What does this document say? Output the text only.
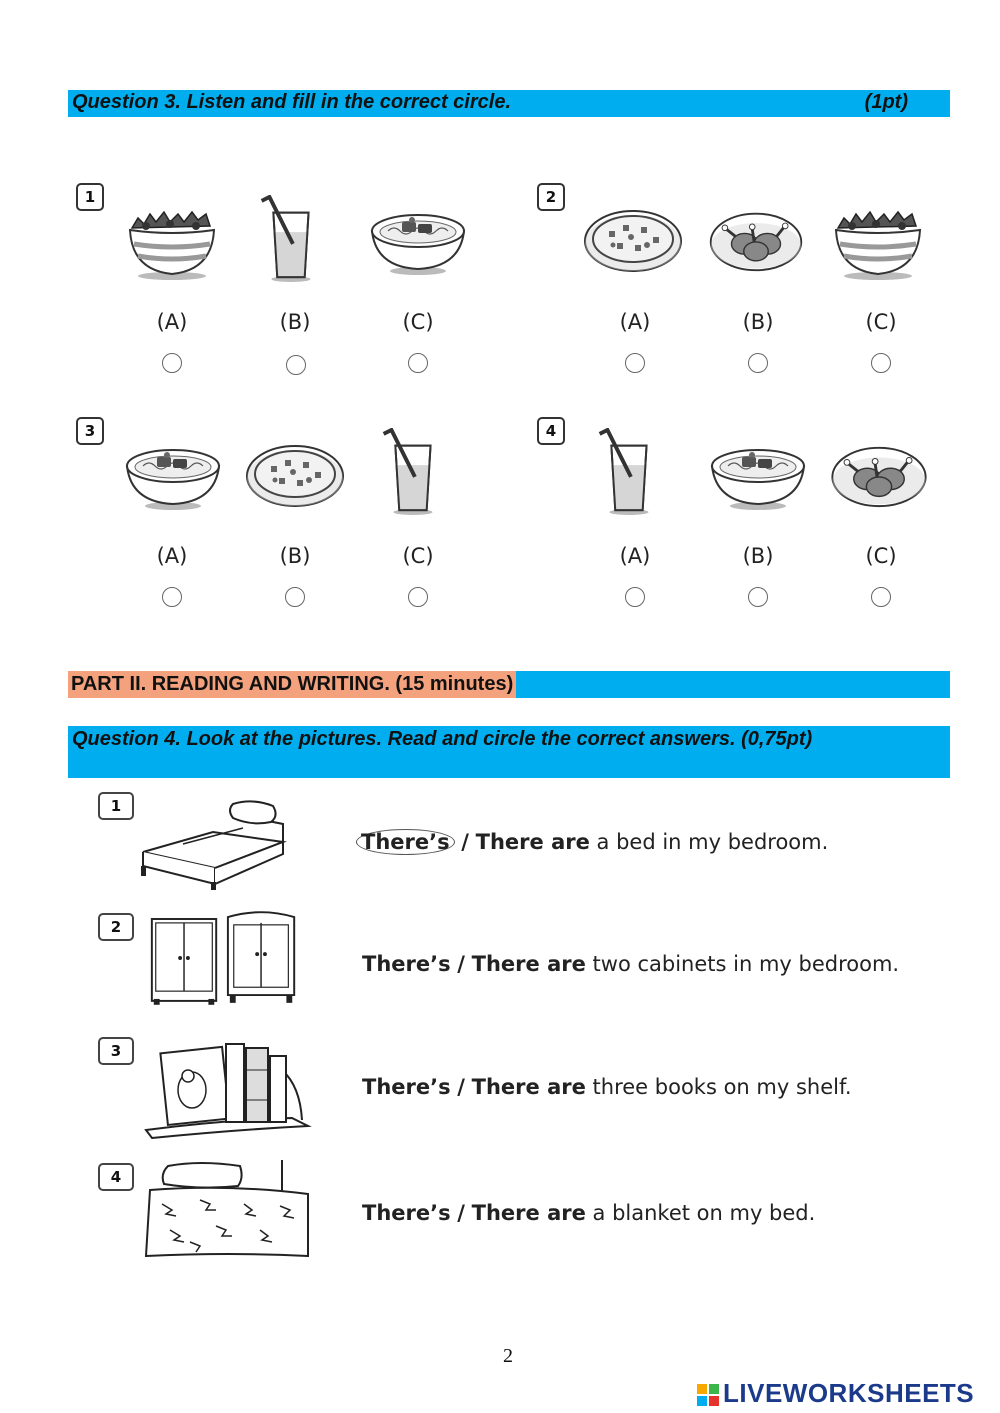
Question 3. Listen and fill in the correct circle.	(1pt)
1
(A)	(B)	(C)
2
(A)	(B)	(C)
3
(A)	(B)	(C)
4
(A)	(B)	(C)
PART II. READING AND WRITING. (15 minutes)
Question 4. Look at the pictures. Read and circle the correct answers. (0,75pt)
1
There’s / There are a bed in my bedroom.
2
There’s / There are two cabinets in my bedroom.
3
There’s / There are three books on my shelf.
4
There’s / There are a blanket on my bed.
2
LIVEWORKSHEETS
